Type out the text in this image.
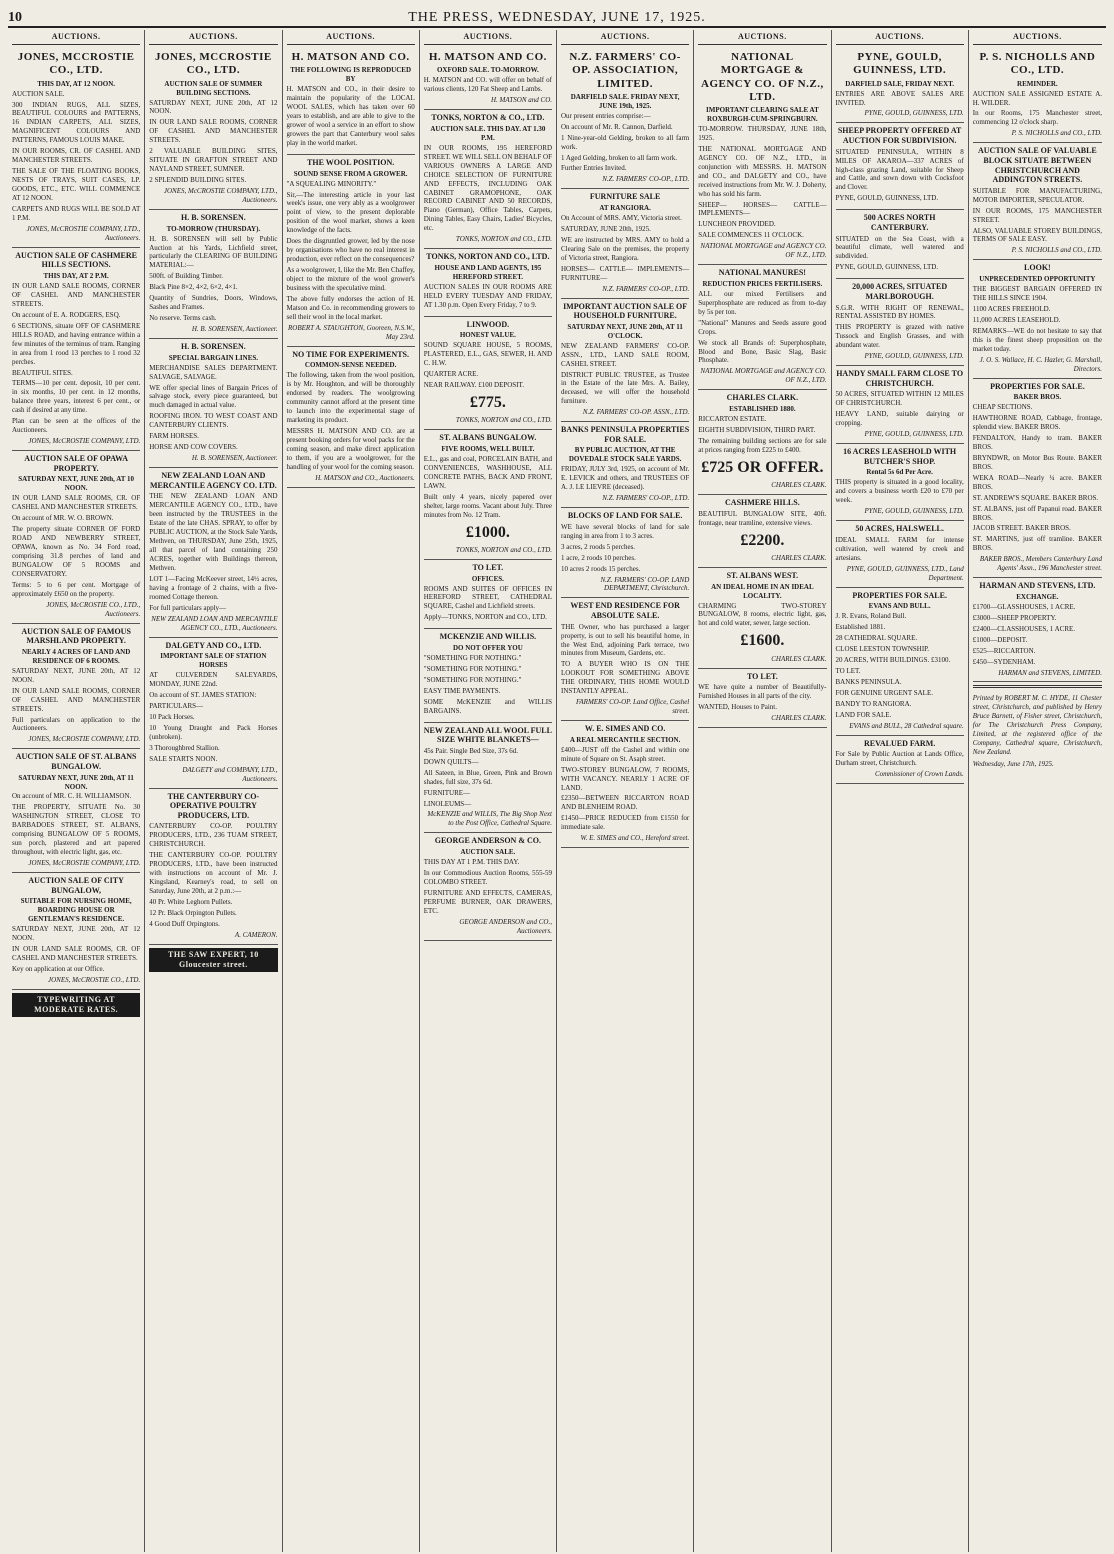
10	THE PRESS, WEDNESDAY, JUNE 17, 1925.
AUCTIONS.
JONES, MCCROSTIE CO., LTD.
THIS DAY, AT 12 NOON.

AUCTION SALE.

300 INDIAN RUGS, ALL SIZES, BEAUTIFUL COLOURS and PATTERNS, 16 INDIAN CARPETS, ALL SIZES, MAGNIFICENT COLOURS AND PATTERNS, FAMOUS LOUIS MAKE.

IN OUR ROOMS, CR. OF CASHEL AND MANCHESTER STREETS.

THE SALE OF THE FLOATING BOOKS, NESTS OF TRAYS, SUIT CASES, LP. GOODS, ETC., ETC. WILL COMMENCE AT 12 NOON.

CARPETS AND RUGS WILL BE SOLD AT 1 P.M.

JONES, McCROSTIE COMPANY, LTD., Auctioneers.
AUCTION SALE OF CASHMERE HILLS SECTIONS.
THIS DAY, AT 2 P.M.

IN OUR LAND SALE ROOMS, CORNER OF CASHEL AND MANCHESTER STREETS.

On account of E. A. RODGERS, ESQ.

6 SECTIONS, situate OFF OF CASHMERE HILLS ROAD, and having entrance within a few minutes of the terminus of tram. Ranging in area from 1 rood 13 perches to 1 rood 32 perches.

BEAUTIFUL SITES.

TERMS—10 per cent. deposit, 10 per cent. in six months, 10 per cent. in 12 months, balance three years, interest 6 per cent., or cash if desired at any time.

Plan can be seen at the offices of the Auctioneers.

JONES, McCROSTIE COMPANY, LTD.
AUCTION SALE OF OPAWA PROPERTY.
SATURDAY NEXT, JUNE 20th, AT 10 NOON.

IN OUR LAND SALE ROOMS, CR. OF CASHEL AND MANCHESTER STREETS.

On account of MR. W. O. BROWN.

The property situate CORNER OF FORD ROAD AND NEWBERRY STREET, OPAWA, known as No. 34 Ford road, comprising 31.8 perches of land and BUNGALOW OF 5 ROOMS and CONSERVATORY.

Terms: 5 to 6 per cent. Mortgage of approximately £650 on the property.

JONES, McCROSTIE CO., LTD., Auctioneers.
AUCTION SALE OF FAMOUS MARSHLAND PROPERTY.
NEARLY 4 ACRES OF LAND AND RESIDENCE OF 6 ROOMS.

SATURDAY NEXT, JUNE 20th, AT 12 NOON.

IN OUR LAND SALE ROOMS, CORNER OF CASHEL AND MANCHESTER STREETS.

Full particulars on application to the Auctioneers.

JONES, McCROSTIE COMPANY, LTD.
AUCTION SALE OF ST. ALBANS BUNGALOW.
SATURDAY NEXT, JUNE 20th, AT 11 NOON.

On account of MR. C. H. WILLIAMSON.

THE PROPERTY, SITUATE No. 30 WASHINGTON STREET, CLOSE TO BARBADOES STREET, ST. ALBANS, comprising BUNGALOW OF 5 ROOMS, sun porch, plastered and art papered throughout, with electric light, gas, etc.

JONES, McCROSTIE COMPANY, LTD.
AUCTION SALE OF CITY BUNGALOW,
SUITABLE FOR NURSING HOME, BOARDING HOUSE OR GENTLEMAN'S RESIDENCE.

SATURDAY NEXT, JUNE 20th, AT 12 NOON.

IN OUR LAND SALE ROOMS, CR. OF CASHEL AND MANCHESTER STREETS.

Key on application at our Office.

JONES, McCROSTIE CO., LTD.
TYPEWRITING AT MODERATE RATES.
AUCTIONS.
JONES, MCCROSTIE CO., LTD.
AUCTION SALE OF SUMMER BUILDING SECTIONS.

SATURDAY NEXT, JUNE 20th, AT 12 NOON.

IN OUR LAND SALE ROOMS, CORNER OF CASHEL AND MANCHESTER STREETS.

2 VALUABLE BUILDING SITES, SITUATE IN GRAFTON STREET AND NAYLAND STREET, SUMNER.

2 SPLENDID BUILDING SITES.

JONES, McCROSTIE COMPANY, LTD., Auctioneers.
H. B. SORENSEN.
TO-MORROW (THURSDAY).

H. B. SORENSEN will sell by Public Auction at his Yards, Lichfield street, particularly the CLEARING OF BUILDING MATERIAL:—

500ft. of Building Timber.

Black Pine 8×2, 4×2, 6×2, 4×1.

Quantity of Sundries, Doors, Windows, Sashes and Frames.

No reserve. Terms cash.

H. B. SORENSEN, Auctioneer.
H. B. SORENSEN.
SPECIAL BARGAIN LINES.

MERCHANDISE SALES DEPARTMENT. SALVAGE, SALVAGE.

WE offer special lines of Bargain Prices of salvage stock, every piece guaranteed, but much damaged in actual value.

ROOFING IRON. TO WEST COAST AND CANTERBURY CLIENTS.

FARM HORSES.

HORSE AND COW COVERS.

H. B. SORENSEN, Auctioneer.
NEW ZEALAND LOAN AND MERCANTILE AGENCY CO. LTD.

THE NEW ZEALAND LOAN AND MERCANTILE AGENCY CO., LTD., have been instructed by the TRUSTEES in the Estate of the late CHAS. SPRAY, to offer by PUBLIC AUCTION, at the Stock Sale Yards, Methven, on THURSDAY, June 25th, 1925, all that parcel of land containing 250 ACRES, together with Buildings thereon, Methven.

LOT 1—Facing McKeever street, 14½ acres, having a frontage of 2 chains, with a five-roomed Cottage thereon.

For full particulars apply—

NEW ZEALAND LOAN AND MERCANTILE AGENCY CO., LTD., Auctioneers.
DALGETY AND CO., LTD.
IMPORTANT SALE OF STATION HORSES

AT CULVERDEN SALEYARDS, MONDAY, JUNE 22nd.

On account of ST. JAMES STATION:

PARTICULARS—

10 Pack Horses.

10 Young Draught and Pack Horses (unbroken).

3 Thoroughbred Stallion.

SALE STARTS NOON.

DALGETY and COMPANY, LTD., Auctioneers.
THE CANTERBURY CO-OPERATIVE POULTRY PRODUCERS, LTD.

CANTERBURY CO-OP. POULTRY PRODUCERS, LTD., 236 TUAM STREET, CHRISTCHURCH.

THE CANTERBURY CO-OP. POULTRY PRODUCERS, LTD., have been instructed with instructions on account of Mr. J. Kingsland, Kearney's road, to sell on Saturday, June 20th, at 2 p.m.:—

40 Pr. White Leghorn Pullets.

12 Pr. Black Orpington Pullets.

4 Good Duff Orpingtons.

A. CAMERON.
THE SAW EXPERT, 10 Gloucester street.
AUCTIONS.
H. MATSON AND CO.
THE FOLLOWING IS REPRODUCED BY

H. MATSON and CO., in their desire to maintain the popularity of the LOCAL WOOL SALES, which has taken over 60 years to establish, and are able to give to the grower of wool a service in an effort to show growers the part that Canterbury wool sales play in the world market.

THE WOOL POSITION.
SOUND SENSE FROM A GROWER.

"A SQUEALING MINORITY."

Sir,—The interesting article in your last week's issue, one very ably as a woolgrower point of view, to the present deplorable position of the wool market, shows a keen knowledge of the facts.

Does the disgruntled grower, led by the nose by organisations who have no real interest in production, ever reflect on the consequences?

As a woolgrower, I, like the Mr. Ben Chaffey, object to the mixture of the wool grower's business with the speculative mind.

The above fully endorses the action of H. Matson and Co. in recommending growers to sell their wool in the local market.

ROBERT A. STAUGHTON, Gooreen, N.S.W., May 23rd.
NO TIME FOR EXPERIMENTS.
COMMON-SENSE NEEDED.

The following, taken from the wool position, is by Mr. Houghton, and will be thoroughly endorsed by readers. The woolgrowing community cannot afford at the present time to launch into the experimental stage of marketing its product.

MESSRS H. MATSON AND CO. are at present booking orders for wool packs for the coming season, and make direct application to them, if you are a woolgrower, for the handling of your wool for the coming season.

H. MATSON and CO., Auctioneers.
AUCTIONS.
H. MATSON AND CO.
OXFORD SALE. TO-MORROW.

H. MATSON and CO. will offer on behalf of various clients, 120 Fat Sheep and Lambs.

H. MATSON and CO.
TONKS, NORTON & CO., LTD.
AUCTION SALE. THIS DAY. AT 1.30 P.M.

IN OUR ROOMS, 195 HEREFORD STREET. WE WILL SELL ON BEHALF OF VARIOUS OWNERS A LARGE AND CHOICE SELECTION OF FURNITURE AND EFFECTS, INCLUDING OAK CABINET GRAMOPHONE, OAK RECORD CABINET AND 50 RECORDS, Piano (German), Office Tables, Carpets, Dining Tables, Easy Chairs, Ladies' Bicycles, etc.

TONKS, NORTON and CO., LTD.
TONKS, NORTON AND CO., LTD.
HOUSE AND LAND AGENTS, 195 HEREFORD STREET.

AUCTION SALES IN OUR ROOMS ARE HELD EVERY TUESDAY AND FRIDAY, AT 1.30 p.m. Open Every Friday, 7 to 9.

LINWOOD.
HONEST VALUE.

SOUND SQUARE HOUSE, 5 ROOMS, PLASTERED, E.L., GAS, SEWER, H. AND C. H.W.

QUARTER ACRE.

NEAR RAILWAY. £100 DEPOSIT.

£775.
TONKS, NORTON and CO., LTD.
ST. ALBANS BUNGALOW.
FIVE ROOMS, WELL BUILT.

E.L., gas and coal, PORCELAIN BATH, and CONVENIENCES, WASHHOUSE, ALL CONCRETE PATHS, BACK AND FRONT, LAWN.

Built only 4 years, nicely papered over shelter, large rooms. Vacant about July. Three minutes from No. 12 Tram.

£1000.
TONKS, NORTON and CO., LTD.
TO LET.
OFFICES.

ROOMS AND SUITES OF OFFICES IN HEREFORD STREET, CATHEDRAL SQUARE, Cashel and Lichfield streets.

Apply—TONKS, NORTON and CO., LTD.

MCKENZIE AND WILLIS.
DO NOT OFFER YOU

"SOMETHING FOR NOTHING."

"SOMETHING FOR NOTHING."

"SOMETHING FOR NOTHING."

EASY TIME PAYMENTS.

SOME McKENZIE and WILLIS BARGAINS.

NEW ZEALAND ALL WOOL FULL SIZE WHITE BLANKETS—

45s Pair. Single Bed Size, 37s 6d.

DOWN QUILTS—

All Sateen, in Blue, Green, Pink and Brown shades, full size, 37s 6d.

FURNITURE—

LINOLEUMS—

McKENZIE and WILLIS, The Big Shop Next to the Post Office, Cathedral Square.
GEORGE ANDERSON & CO.
AUCTION SALE.

THIS DAY AT 1 P.M. THIS DAY.

In our Commodious Auction Rooms, 555-59 COLOMBO STREET.

FURNITURE AND EFFECTS, CAMERAS, PERFUME BURNER, OAK DRAWERS, ETC.

GEORGE ANDERSON and CO., Auctioneers.
AUCTIONS.
N.Z. FARMERS' CO-OP. ASSOCIATION, LIMITED.
DARFIELD SALE. FRIDAY NEXT, JUNE 19th, 1925.

Our present entries comprise:—

On account of Mr. R. Cannon, Darfield.

1 Nine-year-old Gelding, broken to all farm work.

1 Aged Gelding, broken to all farm work.

Further Entries Invited.

N.Z. FARMERS' CO-OP., LTD.
FURNITURE SALE
AT RANGIORA.

On Account of MRS. AMY, Victoria street.

SATURDAY, JUNE 20th, 1925.

WE are instructed by MRS. AMY to hold a Clearing Sale on the premises, the property of Victoria street, Rangiora.

HORSES— CATTLE— IMPLEMENTS— FURNITURE—

N.Z. FARMERS' CO-OP., LTD.
IMPORTANT AUCTION SALE OF HOUSEHOLD FURNITURE.
SATURDAY NEXT, JUNE 20th, AT 11 O'CLOCK.

NEW ZEALAND FARMERS' CO-OP. ASSN., LTD., LAND SALE ROOM, CASHEL STREET.

DISTRICT PUBLIC TRUSTEE, as Trustee in the Estate of the late Mrs. A. Bailey, deceased, we will offer the household furniture.

N.Z. FARMERS' CO-OP. ASSN., LTD.
BANKS PENINSULA PROPERTIES FOR SALE.
BY PUBLIC AUCTION, AT THE DOVEDALE STOCK SALE YARDS.

FRIDAY, JULY 3rd, 1925, on account of Mr. E. LEVICK and others, and TRUSTEES OF A. J. LE LIEVRE (deceased).

N.Z. FARMERS' CO-OP., LTD.
BLOCKS OF LAND FOR SALE.

WE have several blocks of land for sale ranging in area from 1 to 3 acres.

3 acres, 2 roods 5 perches.

1 acre, 2 roods 10 perches.

10 acres 2 roods 15 perches.

N.Z. FARMERS' CO-OP. LAND DEPARTMENT, Christchurch.
WEST END RESIDENCE FOR ABSOLUTE SALE.

THE Owner, who has purchased a larger property, is out to sell his beautiful home, in the West End, adjoining Park terrace, two minutes from Museum, Gardens, etc.

TO A BUYER WHO IS ON THE LOOKOUT FOR SOMETHING ABOVE THE ORDINARY, THIS HOME WOULD INSTANTLY APPEAL.

FARMERS' CO-OP. Land Office, Cashel street.
W. E. SIMES AND CO.
A REAL MERCANTILE SECTION.

£400—JUST off the Cashel and within one minute of Square on St. Asaph street.

TWO-STOREY BUNGALOW, 7 ROOMS, WITH VACANCY. NEARLY 1 ACRE OF LAND.

£2350—BETWEEN RICCARTON ROAD AND BLENHEIM ROAD.

£1450—PRICE REDUCED from £1550 for immediate sale.

W. E. SIMES and CO., Hereford street.
AUCTIONS.
NATIONAL MORTGAGE & AGENCY CO. OF N.Z., LTD.
IMPORTANT CLEARING SALE AT ROXBURGH-CUM-SPRINGBURN.

TO-MORROW. THURSDAY, JUNE 18th, 1925.

THE NATIONAL MORTGAGE AND AGENCY CO. OF N.Z., LTD., in conjunction with MESSRS. H. MATSON and CO., and DALGETY and CO., have received instructions from Mr. W. J. Doherty, who has sold his farm.

SHEEP— HORSES— CATTLE— IMPLEMENTS—

LUNCHEON PROVIDED.

SALE COMMENCES 11 O'CLOCK.

NATIONAL MORTGAGE and AGENCY CO. OF N.Z., LTD.
NATIONAL MANURES!
REDUCTION PRICES FERTILISERS.

ALL our mixed Fertilisers and Superphosphate are reduced as from to-day by 5s per ton.

"National" Manures and Seeds assure good Crops.

We stock all Brands of: Superphosphate, Blood and Bone, Basic Slag, Basic Phosphate.

NATIONAL MORTGAGE and AGENCY CO. OF N.Z., LTD.
CHARLES CLARK.
ESTABLISHED 1880.

RICCARTON ESTATE.

EIGHTH SUBDIVISION, THIRD PART.

The remaining building sections are for sale at prices ranging from £225 to £400.

£725 OR OFFER.
CHARLES CLARK.
CASHMERE HILLS.

BEAUTIFUL BUNGALOW SITE, 40ft. frontage, near tramline, extensive views.

£2200.
CHARLES CLARK.
ST. ALBANS WEST.
AN IDEAL HOME IN AN IDEAL LOCALITY.

CHARMING TWO-STOREY BUNGALOW, 8 rooms, electric light, gas, hot and cold water, sewer, large section.

£1600.
CHARLES CLARK.
TO LET.

WE have quite a number of Beautifully-Furnished Houses in all parts of the city.

WANTED, Houses to Paint.

CHARLES CLARK.
AUCTIONS.
PYNE, GOULD, GUINNESS, LTD.
DARFIELD SALE, FRIDAY NEXT.

ENTRIES ARE ABOVE SALES ARE INVITED.

PYNE, GOULD, GUINNESS, LTD.
SHEEP PROPERTY OFFERED AT AUCTION FOR SUBDIVISION.

SITUATED PENINSULA, WITHIN 8 MILES OF AKAROA—337 ACRES of high-class grazing Land, suitable for Sheep and Cattle, and sown down with Cocksfoot and Clover.

PYNE, GOULD, GUINNESS, LTD.

500 ACRES NORTH CANTERBURY.

SITUATED on the Sea Coast, with a beautiful climate, well watered and subdivided.

PYNE, GOULD, GUINNESS, LTD.

20,000 ACRES, SITUATED MARLBOROUGH.

S.G.R. WITH RIGHT OF RENEWAL, RENTAL ASSISTED BY HOMES.

THIS PROPERTY is grazed with native Tussock and English Grasses, and with abundant water.

PYNE, GOULD, GUINNESS, LTD.
HANDY SMALL FARM CLOSE TO CHRISTCHURCH.

50 ACRES, SITUATED WITHIN 12 MILES OF CHRISTCHURCH.

HEAVY LAND, suitable dairying or cropping.

PYNE, GOULD, GUINNESS, LTD.
16 ACRES LEASEHOLD WITH BUTCHER'S SHOP.
Rental 5s 6d Per Acre.

THIS property is situated in a good locality, and covers a business worth £20 to £70 per week.

PYNE, GOULD, GUINNESS, LTD.
50 ACRES, HALSWELL.

IDEAL SMALL FARM for intense cultivation, well watered by creek and artesians.

PYNE, GOULD, GUINNESS, LTD., Land Department.
PROPERTIES FOR SALE.
EVANS AND BULL.

J. R. Evans, Roland Bull.

Established 1881.

28 CATHEDRAL SQUARE.

CLOSE LEESTON TOWNSHIP.

20 ACRES, WITH BUILDINGS. £3100.

TO LET.

BANKS PENINSULA.

FOR GENUINE URGENT SALE.

BANDY TO RANGIORA.

LAND FOR SALE.

EVANS and BULL, 28 Cathedral square.
REVALUED FARM.

For Sale by Public Auction at Lands Office, Durham street, Christchurch.

Commissioner of Crown Lands.
AUCTIONS.
P. S. NICHOLLS AND CO., LTD.
REMINDER.

AUCTION SALE ASSIGNED ESTATE A. H. WILDER.

In our Rooms, 175 Manchester street, commencing 12 o'clock sharp.

P. S. NICHOLLS and CO., LTD.
AUCTION SALE OF VALUABLE BLOCK SITUATE BETWEEN CHRISTCHURCH AND ADDINGTON STREETS.

SUITABLE FOR MANUFACTURING, MOTOR IMPORTER, SPECULATOR.

IN OUR ROOMS, 175 MANCHESTER STREET.

ALSO, VALUABLE STOREY BUILDINGS, TERMS OF SALE EASY.

P. S. NICHOLLS and CO., LTD.
LOOK!
UNPRECEDENTED OPPORTUNITY

THE BIGGEST BARGAIN OFFERED IN THE HILLS SINCE 1904.

1100 ACRES FREEHOLD.

11,000 ACRES LEASEHOLD.

REMARKS—WE do not hesitate to say that this is the finest sheep proposition on the market today.

J. O. S. Wallace, H. C. Hazler, G. Marshall, Directors.
PROPERTIES FOR SALE.
BAKER BROS.

CHEAP SECTIONS.

HAWTHORNE ROAD, Cabbage, frontage, splendid view. BAKER BROS.

FENDALTON, Handy to tram. BAKER BROS.

BRYNDWR, on Motor Bus Route. BAKER BROS.

WEKA ROAD—Nearly ¼ acre. BAKER BROS.

ST. ANDREW'S SQUARE. BAKER BROS.

ST. ALBANS, just off Papanui road. BAKER BROS.

JACOB STREET. BAKER BROS.

ST. MARTINS, just off tramline. BAKER BROS.

BAKER BROS., Members Canterbury Land Agents' Assn., 196 Manchester street.
HARMAN AND STEVENS, LTD.
EXCHANGE.

£1700—GLASSHOUSES, 1 ACRE.

£3000—SHEEP PROPERTY.

£2400—CLASSHOUSES, 1 ACRE.

£1000—DEPOSIT.

£525—RICCARTON.

£450—SYDENHAM.

HARMAN and STEVENS, LIMITED.
Printed by ROBERT M. C. HYDE, 11 Chester street, Christchurch, and published by Henry Bruce Barnett, of Fisher street, Christchurch, for The Christchurch Press Company, Limited, at the registered office of the Company, Cathedral square, Christchurch, New Zealand.
Wednesday, June 17th, 1925.
